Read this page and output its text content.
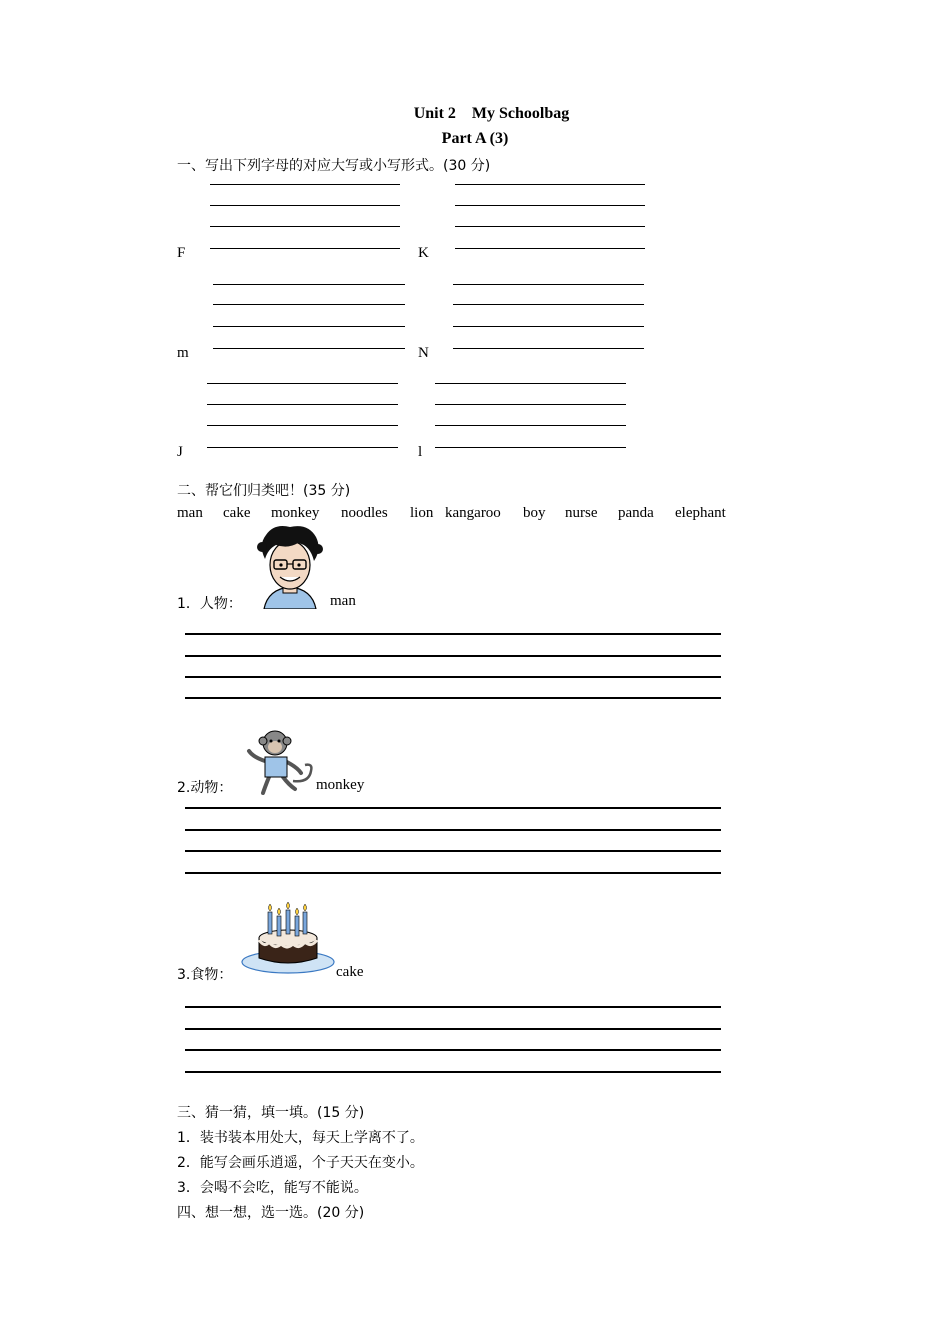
Unit 2    My Schoolbag
Part A (3)
一、写出下列字母的对应大写或小写形式。(30 分)
F	K
m	N
J	l
二、帮它们归类吧！(35 分)
man cake monkey noodles lion kangaroo boy nurse panda elephant
1．人物：	man
2.动物：	monkey
3.食物：	cake
三、猜一猜，填一填。(15 分)
1．装书装本用处大，每天上学离不了。
2．能写会画乐逍遥，个子天天在变小。
3．会喝不会吃，能写不能说。
四、想一想，选一选。(20 分)
